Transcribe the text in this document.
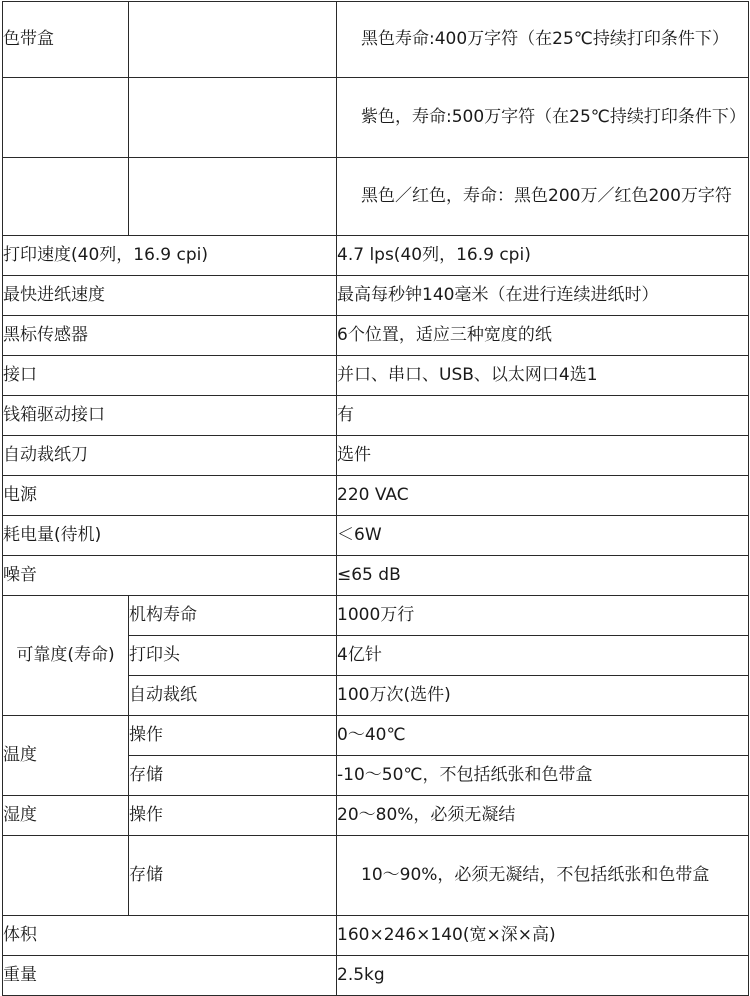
色带盒		黑色寿命:400万字符（在25℃持续打印条件下）
		紫色，寿命:500万字符（在25℃持续打印条件下）
		黑色／红色，寿命：黑色200万／红色200万字符
打印速度(40列，16.9 cpi)		4.7 lps(40列，16.9 cpi)
最快进纸速度		最高每秒钟140毫米（在进行连续进纸时）
黑标传感器		6个位置，适应三种宽度的纸
接口		并口、串口、USB、以太网口4选1
钱箱驱动接口		有
自动裁纸刀		选件
电源		220 VAC
耗电量(待机)		＜6W
噪音		≤65 dB
可靠度(寿命)	机构寿命	1000万行
	打印头	4亿针
	自动裁纸	100万次(选件)
温度	操作	0～40℃
	存储	-10～50℃，不包括纸张和色带盒
湿度	操作	20～80%，必须无凝结
	存储	10～90%，必须无凝结，不包括纸张和色带盒
体积		160×246×140(宽×深×高)
重量		2.5kg
